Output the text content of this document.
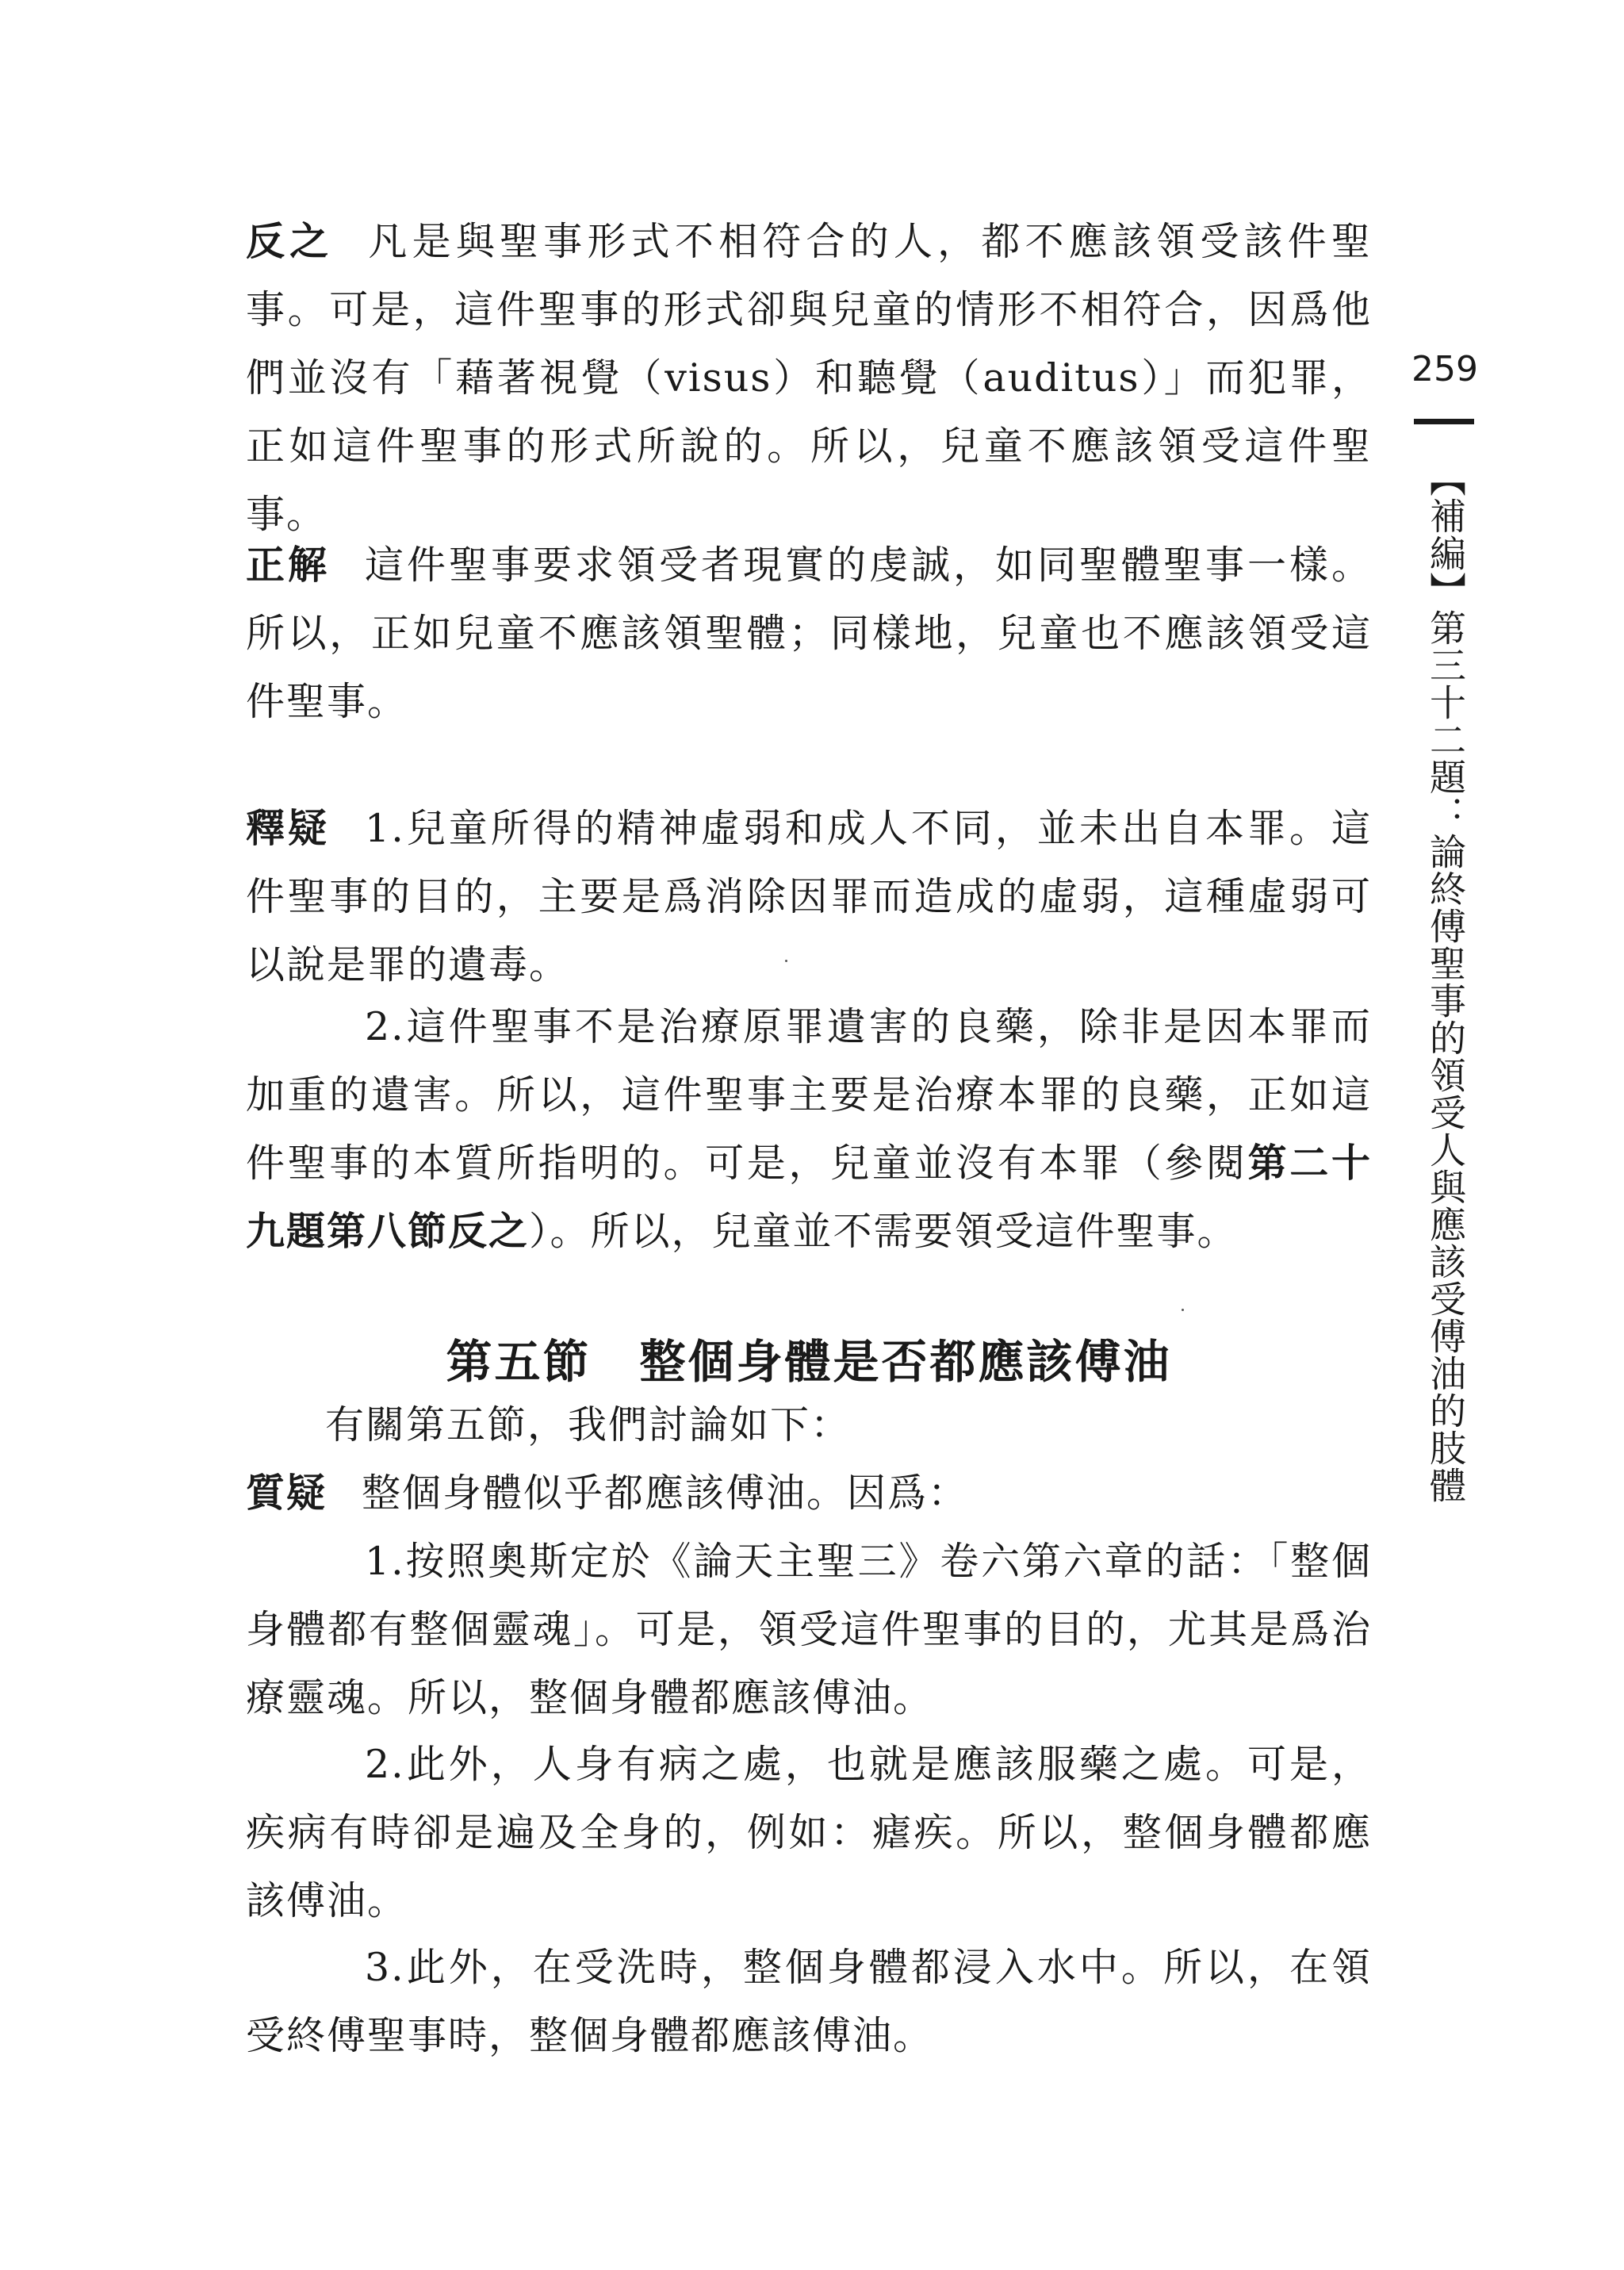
259

【補編】第三十二題：論終傅聖事的領受人與應該受傅油的肢體

反之 凡是與聖事形式不相符合的人，都不應該領受該件聖事。可是，這件聖事的形式卻與兒童的情形不相符合，因爲他們並沒有「藉著視覺（visus）和聽覺（auditus）」而犯罪，正如這件聖事的形式所說的。所以，兒童不應該領受這件聖事。

正解 這件聖事要求領受者現實的虔誠，如同聖體聖事一樣。所以，正如兒童不應該領聖體；同樣地，兒童也不應該領受這件聖事。

釋疑 1.兒童所得的精神虛弱和成人不同，並未出自本罪。這件聖事的目的，主要是爲消除因罪而造成的虛弱，這種虛弱可以說是罪的遺毒。

2.這件聖事不是治療原罪遺害的良藥，除非是因本罪而加重的遺害。所以，這件聖事主要是治療本罪的良藥，正如這件聖事的本質所指明的。可是，兒童並沒有本罪（參閱第二十九題第八節反之）。所以，兒童並不需要領受這件聖事。

第五節　整個身體是否都應該傅油

有關第五節，我們討論如下：

質疑 整個身體似乎都應該傅油。因爲：

1.按照奧斯定於《論天主聖三》卷六第六章的話：「整個身體都有整個靈魂」。可是，領受這件聖事的目的，尤其是爲治療靈魂。所以，整個身體都應該傅油。

2.此外，人身有病之處，也就是應該服藥之處。可是，疾病有時卻是遍及全身的，例如：瘧疾。所以，整個身體都應該傅油。

3.此外，在受洗時，整個身體都浸入水中。所以，在領受終傅聖事時，整個身體都應該傅油。
